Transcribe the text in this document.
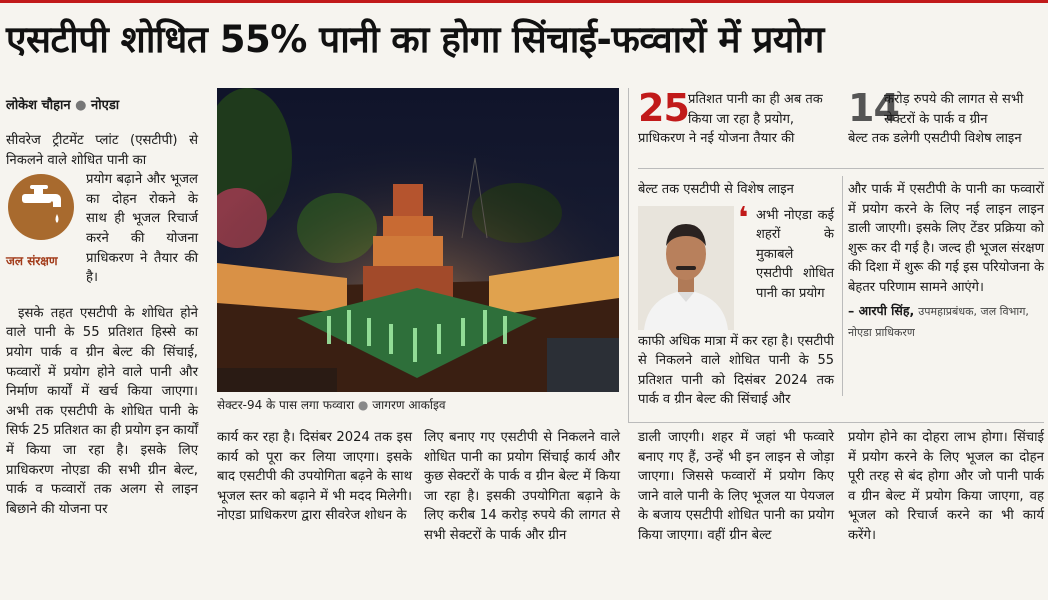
एसटीपी शोधित 55% पानी का होगा सिंचाई-फव्वारों में प्रयोग
लोकेश चौहान ● नोएडा

सीवरेज ट्रीटमेंट प्लांट (एसटीपी) से निकलने वाले शोधित पानी का

जल संरक्षण

प्रयोग बढ़ाने और भूजल का दोहन रोकने के साथ ही भूजल रिचार्ज करने की योजना प्राधिकरण ने तैयार की है।

इसके तहत एसटीपी के शोधित होने वाले पानी के 55 प्रतिशत हिस्से का प्रयोग पार्क व ग्रीन बेल्ट की सिंचाई, फव्वारों में प्रयोग होने वाले पानी और निर्माण कार्यों में खर्च किया जाएगा। अभी तक एसटीपी के शोधित पानी के सिर्फ 25 प्रतिशत का ही प्रयोग इन कार्यों में किया जा रहा है। इसके लिए प्राधिकरण नोएडा की सभी ग्रीन बेल्ट, पार्क व फव्वारों तक अलग से लाइन बिछाने की योजना पर

सेक्टर-94 के पास लगा फव्वारा ● जागरण आर्काइव

कार्य कर रहा है। दिसंबर 2024 तक इस कार्य को पूरा कर लिया जाएगा। इसके बाद एसटीपी की उपयोगिता बढ़ने के साथ भूजल स्तर को बढ़ाने में भी मदद मिलेगी। नोएडा प्राधिकरण द्वारा सीवरेज शोधन के

लिए बनाए गए एसटीपी से निकलने वाले शोधित पानी का प्रयोग सिंचाई कार्य और कुछ सेक्टरों के पार्क व ग्रीन बेल्ट में किया जा रहा है। इसकी उपयोगिता बढ़ाने के लिए करीब 14 करोड़ रुपये की लागत से सभी सेक्टरों के पार्क और ग्रीन

25 प्रतिशत पानी का ही अब तक किया जा रहा है प्रयोग,
प्राधिकरण ने नई योजना तैयार की
14
करोड़ रुपये की लागत से सभी सेक्टरों के पार्क व ग्रीन
बेल्ट तक डलेगी एसटीपी विशेष लाइन

बेल्ट तक एसटीपी से विशेष लाइन

❛ अभी नोएडा कई शहरों के मुकाबले एसटीपी शोधित पानी का प्रयोग

काफी अधिक मात्रा में कर रहा है। एसटीपी से निकलने वाले शोधित पानी के 55 प्रतिशत पानी को दिसंबर 2024 तक पार्क व ग्रीन बेल्ट की सिंचाई और

और पार्क में एसटीपी के पानी का फव्वारों में प्रयोग करने के लिए नई लाइन लाइन डाली जाएगी। इसके लिए टेंडर प्रक्रिया को शुरू कर दी गई है। जल्द ही भूजल संरक्षण की दिशा में शुरू की गई इस परियोजना के बेहतर परिणाम सामने आएंगे।

– आरपी सिंह, उपमहाप्रबंधक, जल विभाग,
नोएडा प्राधिकरण

डाली जाएगी। शहर में जहां भी फव्वारे बनाए गए हैं, उन्हें भी इन लाइन से जोड़ा जाएगा। जिससे फव्वारों में प्रयोग किए जाने वाले पानी के लिए भूजल या पेयजल के बजाय एसटीपी शोधित पानी का प्रयोग किया जाएगा। वहीं ग्रीन बेल्ट

प्रयोग होने का दोहरा लाभ होगा। सिंचाई में प्रयोग करने के लिए भूजल का दोहन पूरी तरह से बंद होगा और जो पानी पार्क व ग्रीन बेल्ट में प्रयोग किया जाएगा, वह भूजल को रिचार्ज करने का भी कार्य करेंगे।
